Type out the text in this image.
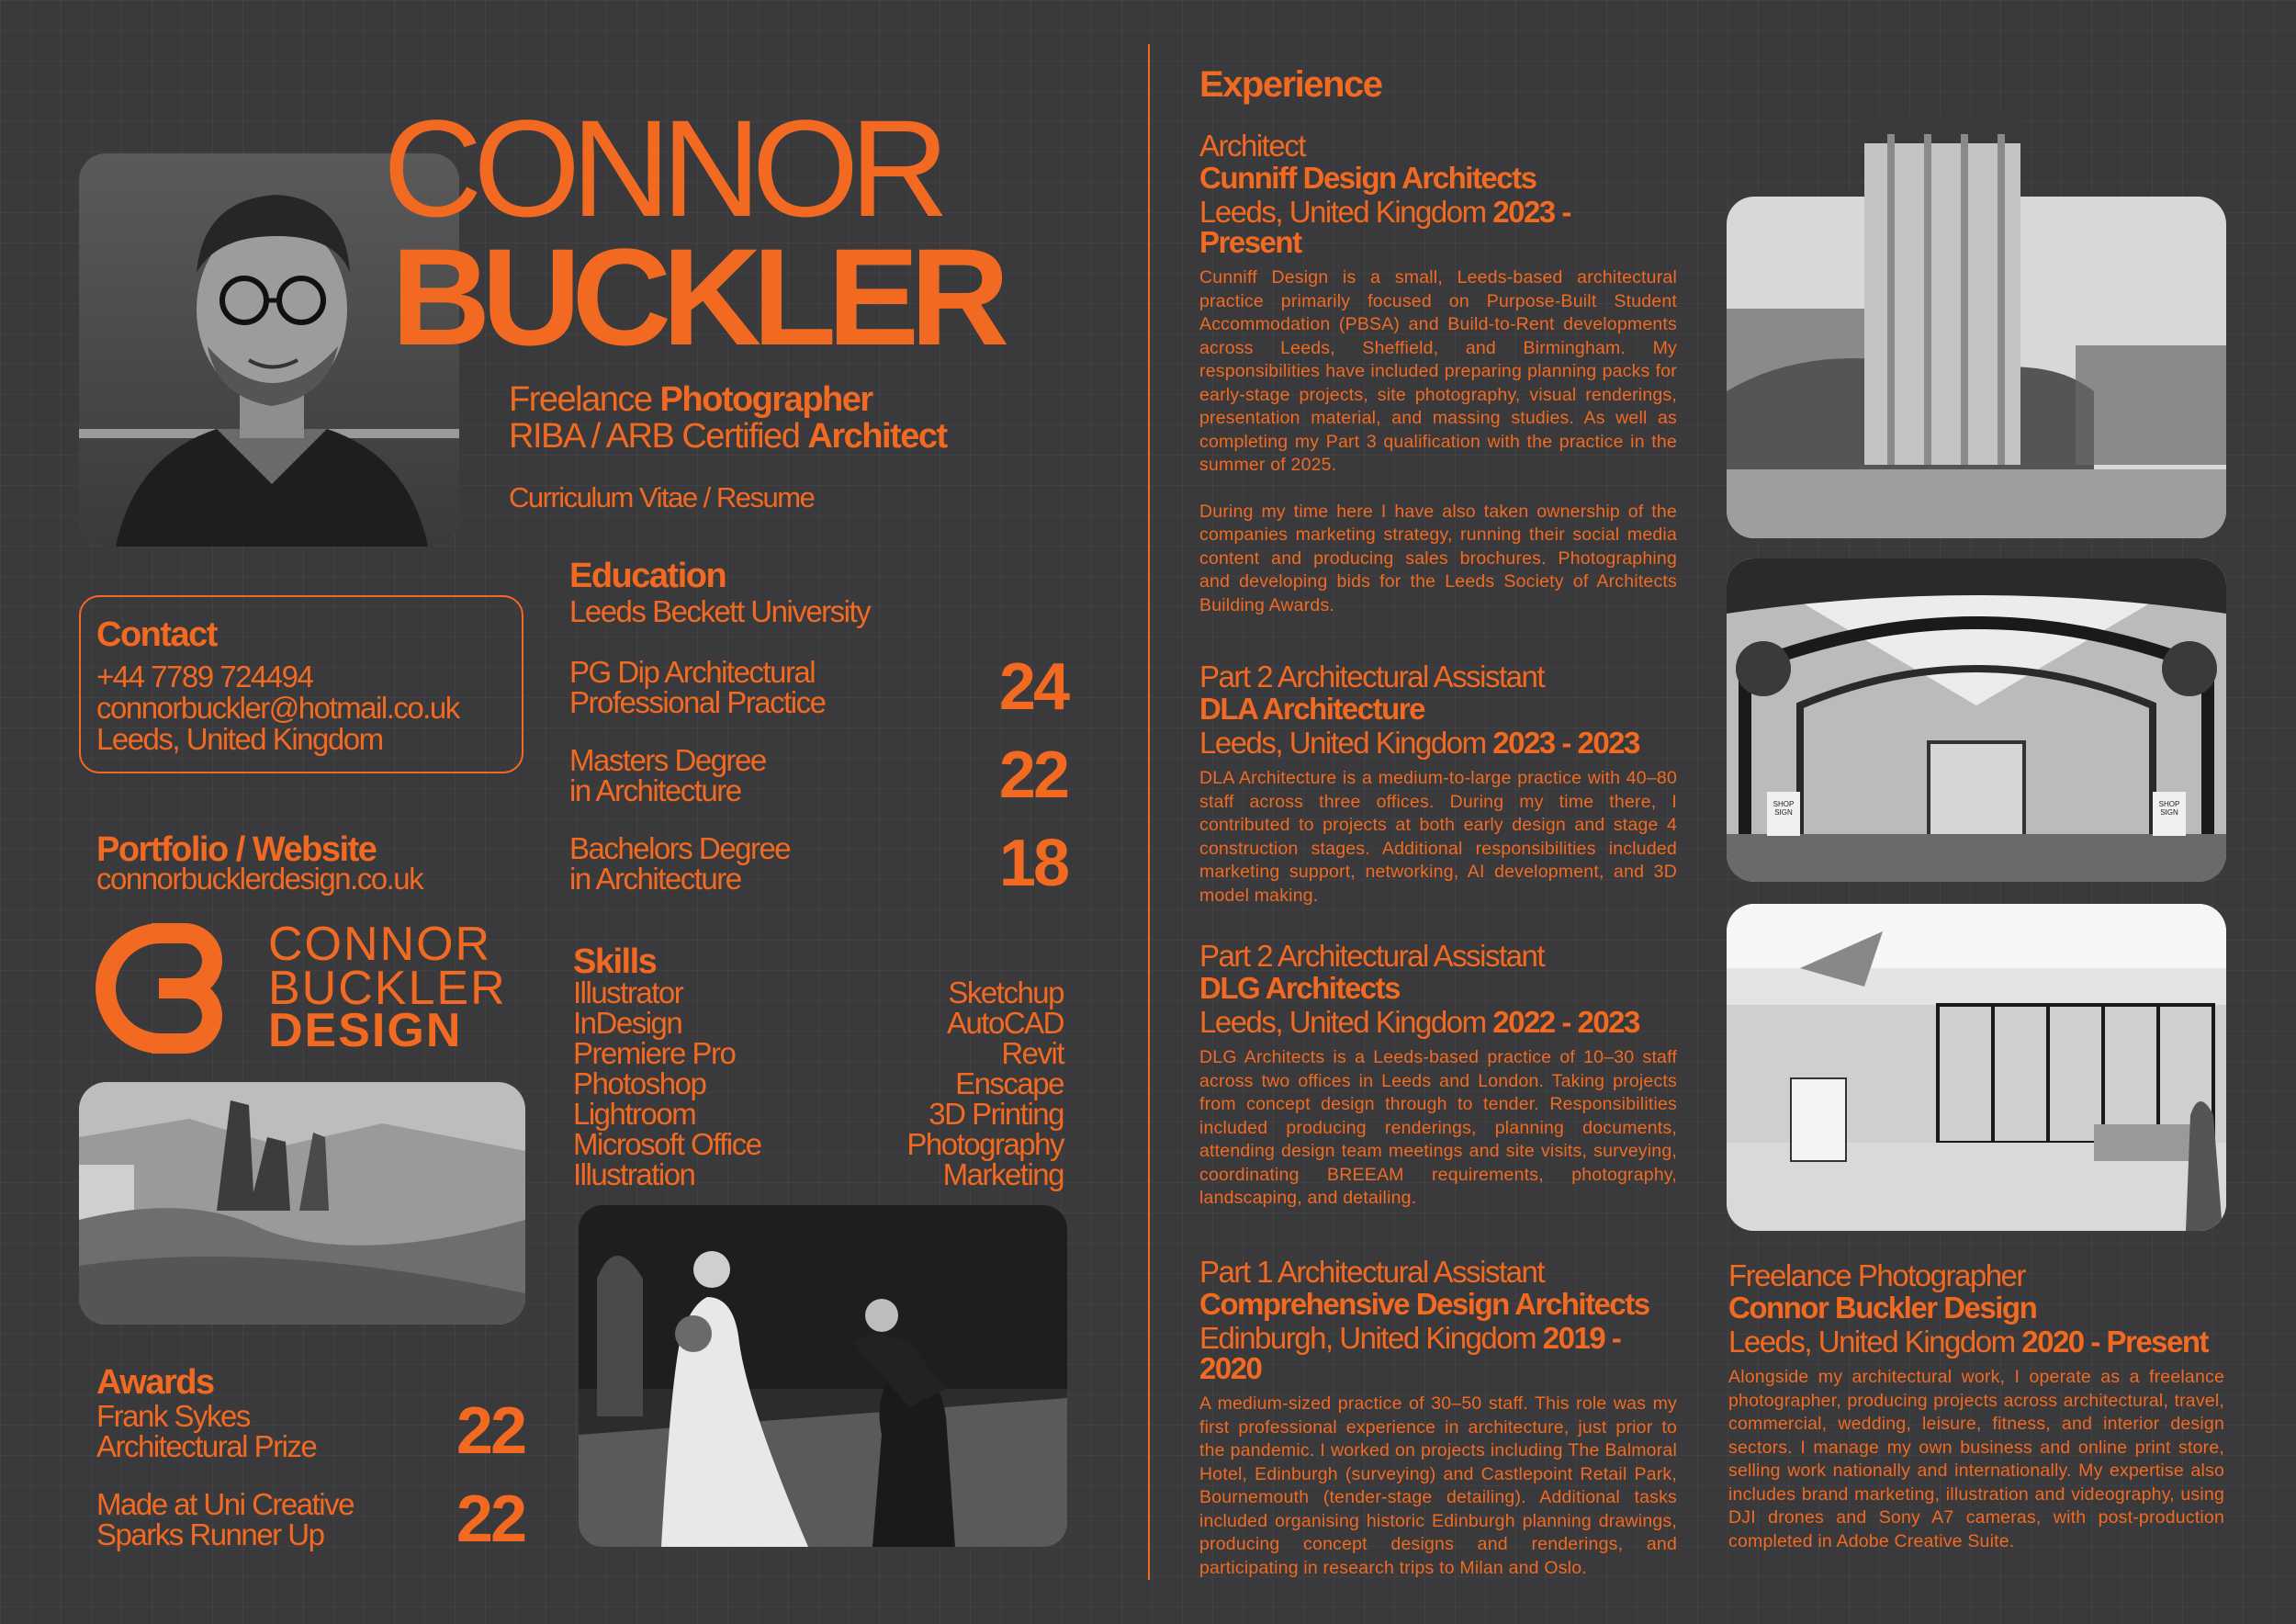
CONNOR
BUCKLER
Freelance Photographer
RIBA / ARB Certified Architect
Curriculum Vitae / Resume
Contact
+44 7789 724494
connorbuckler@hotmail.co.uk
Leeds, United Kingdom
Portfolio / Website
connorbucklerdesign.co.uk
CONNOR
BUCKLER
DESIGN
Awards
Frank Sykes
Architectural Prize 22
Made at Uni Creative
Sparks Runner Up	22
Education
Leeds Beckett University
PG Dip Architectural
Professional Practice	24
Masters Degree
in Architecture	22
Bachelors Degree
in Architecture	18
Skills
Illustrator
InDesign
Premiere Pro
Photoshop
Lightroom
Microsoft Office
Illustration
Sketchup
AutoCAD
Revit
Enscape
3D Printing
Photography
Marketing
Experience
Architect
Cunniff Design Architects
Leeds, United Kingdom 2023 - Present
Cunniff Design is a small, Leeds-based architectural practice primarily focused on Purpose-Built Student Accommodation (PBSA) and Build-to-Rent developments across Leeds, Sheffield, and Birmingham. My responsibilities have included preparing planning packs for early-stage projects, site photography, visual renderings, presentation material, and massing studies. As well as completing my Part 3 qualification with the practice in the summer of 2025.
During my time here I have also taken ownership of the companies marketing strategy, running their social media content and producing sales brochures. Photographing and developing bids for the Leeds Society of Architects Building Awards.
Part 2 Architectural Assistant
DLA Architecture
Leeds, United Kingdom 2023 - 2023
DLA Architecture is a medium-to-large practice with 40–80 staff across three offices. During my time there, I contributed to projects at both early design and stage 4 construction stages. Additional responsibilities included marketing support, networking, AI development, and 3D model making.
Part 2 Architectural Assistant
DLG Architects
Leeds, United Kingdom 2022 - 2023
DLG Architects is a Leeds-based practice of 10–30 staff across two offices in Leeds and London. Taking projects from concept design through to tender. Responsibilities included producing renderings, planning documents, attending design team meetings and site visits, surveying, coordinating BREEAM requirements, photography, landscaping, and detailing.
Part 1 Architectural Assistant
Comprehensive Design Architects
Edinburgh, United Kingdom 2019 - 2020
A medium-sized practice of 30–50 staff. This role was my first professional experience in architecture, just prior to the pandemic. I worked on projects including The Balmoral Hotel, Edinburgh (surveying) and Castlepoint Retail Park, Bournemouth (tender-stage detailing). Additional tasks included organising historic Edinburgh planning drawings, producing concept designs and renderings, and participating in research trips to Milan and Oslo.
Freelance Photographer
Connor Buckler Design
Leeds, United Kingdom 2020 - Present
Alongside my architectural work, I operate as a freelance photographer, producing projects across architectural, travel, commercial, wedding, leisure, fitness, and interior design sectors. I manage my own business and online print store, selling work nationally and internationally. My expertise also includes brand marketing, illustration and videography, using DJI drones and Sony A7 cameras, with post-production completed in Adobe Creative Suite.
SHOP SIGN
SHOP SIGN
